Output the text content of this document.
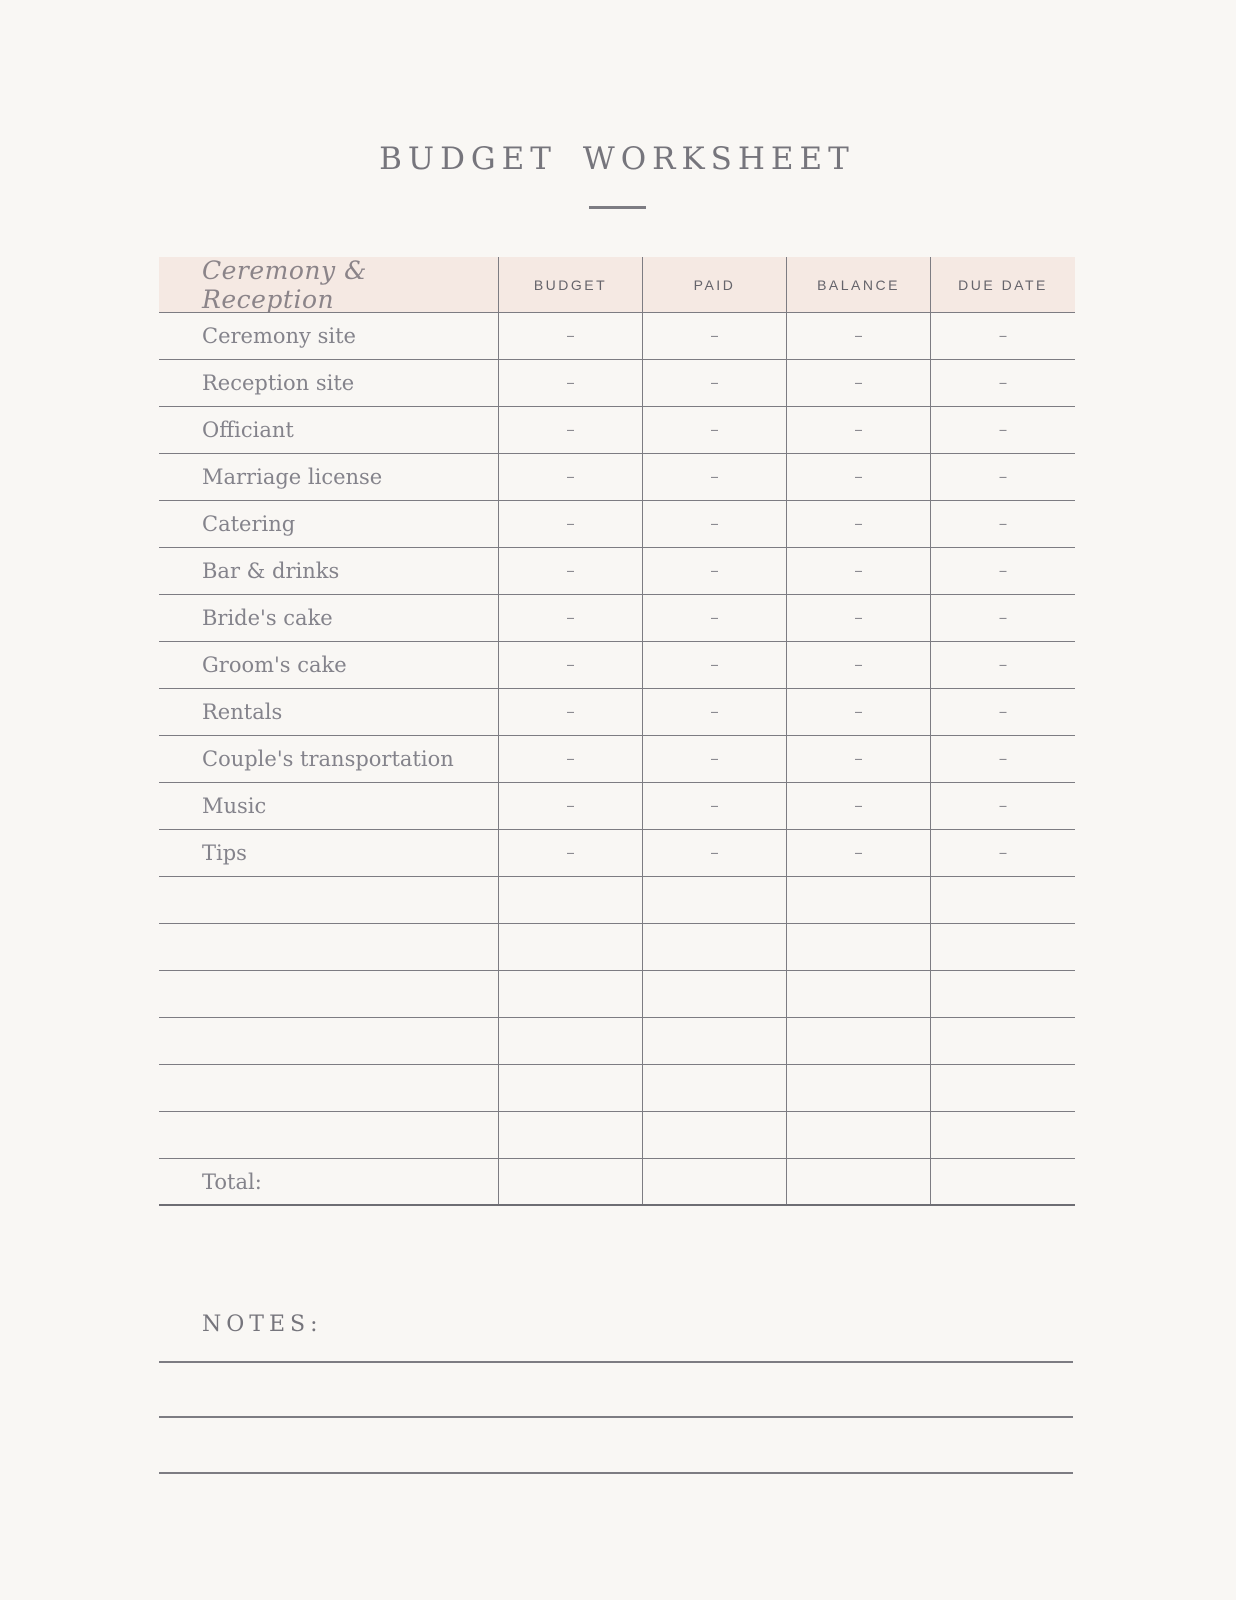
BUDGET WORKSHEET
Ceremony & Reception	BUDGET	PAID	BALANCE	DUE DATE
Ceremony site	–	–	–	–
Reception site	–	–	–	–
Officiant	–	–	–	–
Marriage license	–	–	–	–
Catering	–	–	–	–
Bar & drinks	–	–	–	–
Bride's cake	–	–	–	–
Groom's cake	–	–	–	–
Rentals	–	–	–	–
Couple's transportation	–	–	–	–
Music	–	–	–	–
Tips	–	–	–	–
Total:
NOTES:
